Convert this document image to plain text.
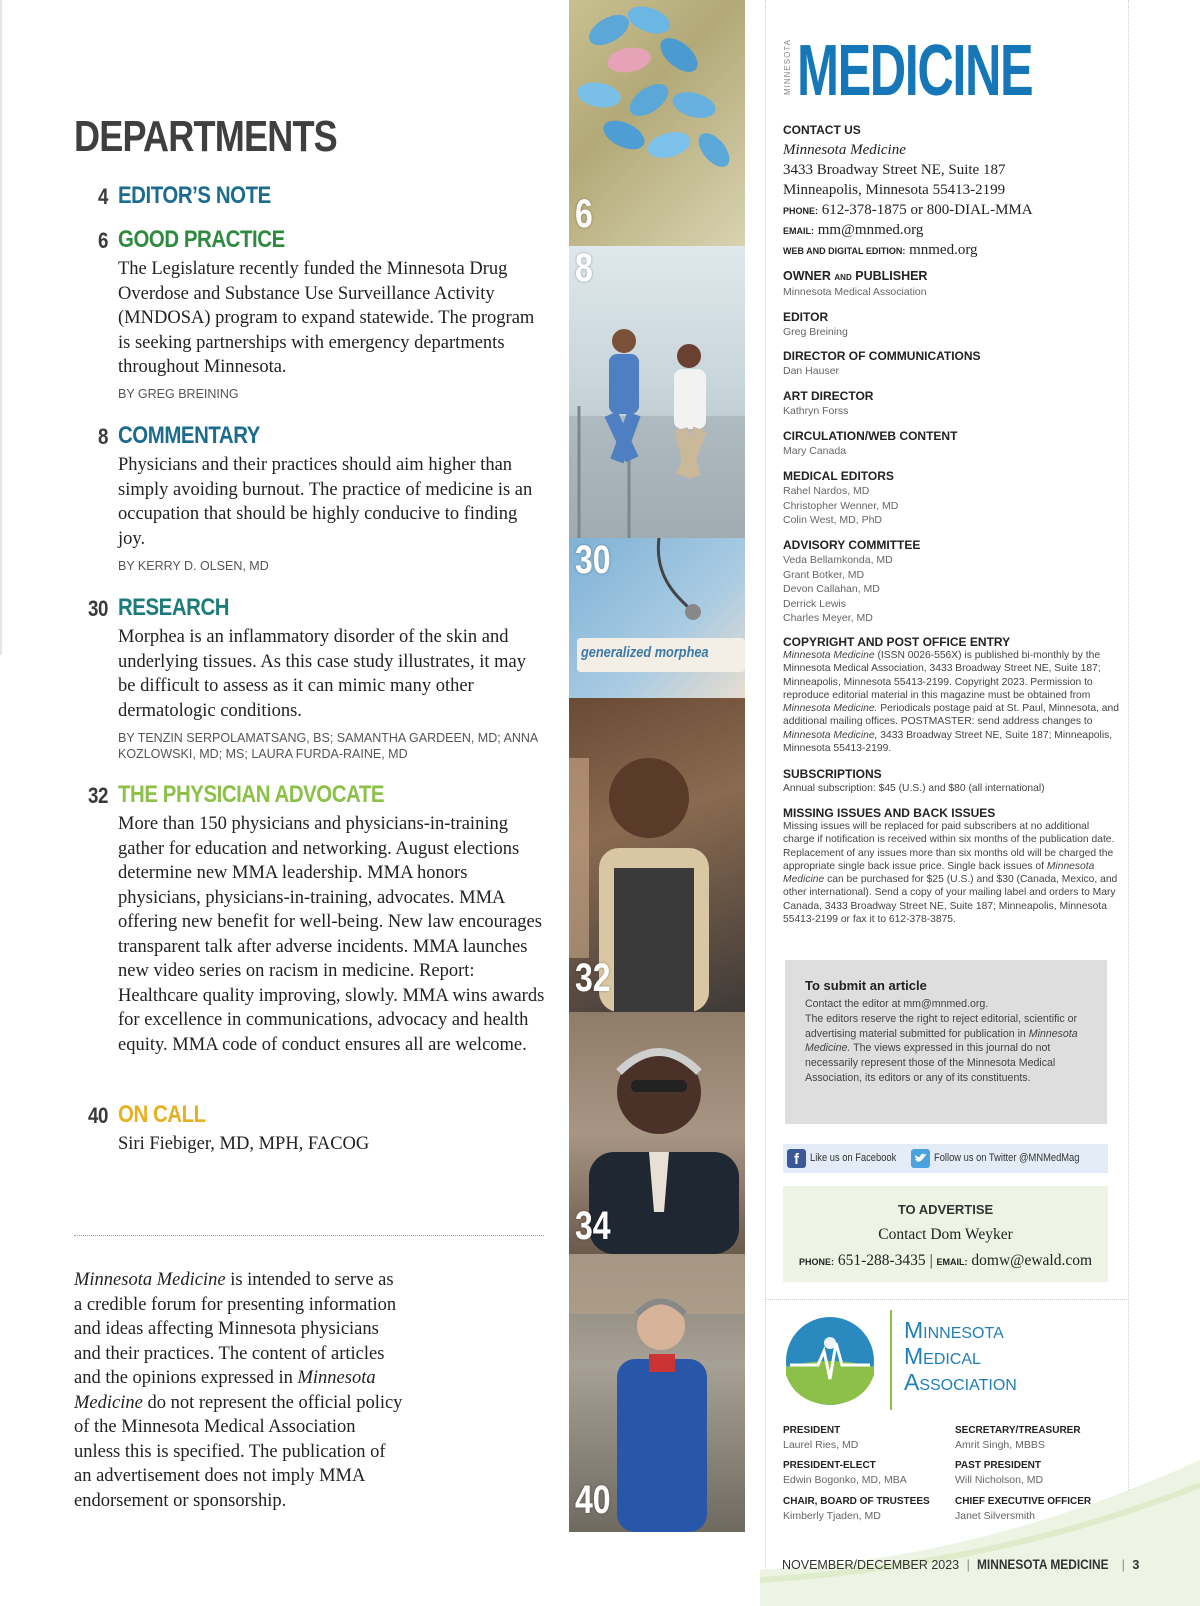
DEPARTMENTS
4 EDITOR’S NOTE
6 GOOD PRACTICE
The Legislature recently funded the Minnesota Drug Overdose and Substance Use Surveillance Activity (MNDOSA) program to expand statewide. The program is seeking partnerships with emergency departments throughout Minnesota.
BY GREG BREINING
8 COMMENTARY
Physicians and their practices should aim higher than simply avoiding burnout. The practice of medicine is an occupation that should be highly conducive to finding joy.
BY KERRY D. OLSEN, MD
30 RESEARCH
Morphea is an inflammatory disorder of the skin and underlying tissues. As this case study illustrates, it may be difficult to assess as it can mimic many other dermatologic conditions.
BY TENZIN SERPOLAMATSANG, BS; SAMANTHA GARDEEN, MD; ANNA KOZLOWSKI, MD; MS; LAURA FURDA-RAINE, MD
32 THE PHYSICIAN ADVOCATE
More than 150 physicians and physicians-in-training gather for education and networking. August elections determine new MMA leadership. MMA honors physicians, physicians-in-training, advocates. MMA offering new benefit for well-being. New law encourages transparent talk after adverse incidents. MMA launches new video series on racism in medicine. Report: Healthcare quality improving, slowly. MMA wins awards for excellence in communications, advocacy and health equity. MMA code of conduct ensures all are welcome.
40 ON CALL
Siri Fiebiger, MD, MPH, FACOG
Minnesota Medicine is intended to serve as a credible forum for presenting information and ideas affecting Minnesota physicians and their practices. The content of articles and the opinions expressed in Minnesota Medicine do not represent the official policy of the Minnesota Medical Association unless this is specified. The publication of an advertisement does not imply MMA endorsement or sponsorship.
6
8
30
generalized morphea
32
34
40
MINNESOTA MEDICINE
CONTACT US
Minnesota Medicine
3433 Broadway Street NE, Suite 187
Minneapolis, Minnesota 55413-2199
PHONE: 612-378-1875 or 800-DIAL-MMA
EMAIL: mm@mnmed.org
WEB AND DIGITAL EDITION: mnmed.org
OWNER AND PUBLISHER
Minnesota Medical Association
EDITOR
Greg Breining
DIRECTOR OF COMMUNICATIONS
Dan Hauser
ART DIRECTOR
Kathryn Forss
CIRCULATION/WEB CONTENT
Mary Canada
MEDICAL EDITORS
Rahel Nardos, MD
Christopher Wenner, MD
Colin West, MD, PhD
ADVISORY COMMITTEE
Veda Bellamkonda, MD
Grant Botker, MD
Devon Callahan, MD
Derrick Lewis
Charles Meyer, MD
COPYRIGHT AND POST OFFICE ENTRY
Minnesota Medicine (ISSN 0026-556X) is published bi-monthly by the Minnesota Medical Association, 3433 Broadway Street NE, Suite 187; Minneapolis, Minnesota 55413-2199. Copyright 2023. Permission to reproduce editorial material in this magazine must be obtained from Minnesota Medicine. Periodicals postage paid at St. Paul, Minnesota, and additional mailing offices. POSTMASTER: send address changes to Minnesota Medicine, 3433 Broadway Street NE, Suite 187; Minneapolis, Minnesota 55413-2199.
SUBSCRIPTIONS
Annual subscription: $45 (U.S.) and $80 (all international)
MISSING ISSUES AND BACK ISSUES
Missing issues will be replaced for paid subscribers at no additional charge if notification is received within six months of the publication date. Replacement of any issues more than six months old will be charged the appropriate single back issue price. Single back issues of Minnesota Medicine can be purchased for $25 (U.S.) and $30 (Canada, Mexico, and other international). Send a copy of your mailing label and orders to Mary Canada, 3433 Broadway Street NE, Suite 187; Minneapolis, Minnesota 55413-2199 or fax it to 612-378-3875.
To submit an article
Contact the editor at mm@mnmed.org.
The editors reserve the right to reject editorial, scientific or advertising material submitted for publication in Minnesota Medicine. The views expressed in this journal do not necessarily represent those of the Minnesota Medical Association, its editors or any of its constituents.
f	Like us on Facebook	Follow us on Twitter @MNMedMag
TO ADVERTISE
Contact Dom Weyker
PHONE: 651-288-3435 | EMAIL: domw@ewald.com
Minnesota
Medical
Association
PRESIDENT
Laurel Ries, MD
SECRETARY/TREASURER
Amrit Singh, MBBS
PRESIDENT-ELECT
Edwin Bogonko, MD, MBA
PAST PRESIDENT
Will Nicholson, MD
CHAIR, BOARD OF TRUSTEES
Kimberly Tjaden, MD
CHIEF EXECUTIVE OFFICER
Janet Silversmith
NOVEMBER/DECEMBER 2023 | MINNESOTA MEDICINE | 3
